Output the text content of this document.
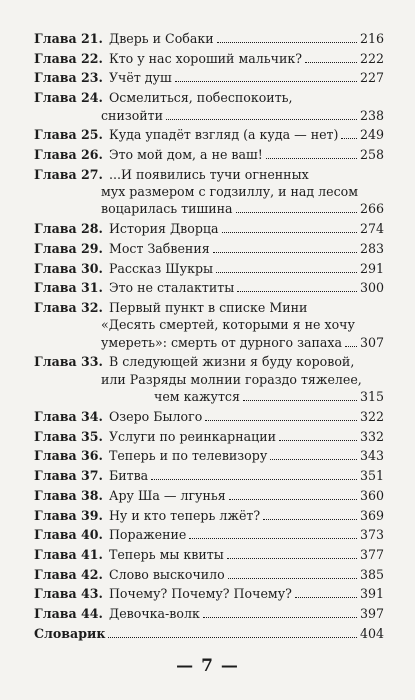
Глава 21. Дверь и Собаки	216
Глава 22. Кто у нас хороший мальчик?	222
Глава 23. Учёт душ	227
Глава 24. Осмелиться, побеспокоить,
снизойти	238
Глава 25. Куда упадёт взгляд (а куда — нет) 249
Глава 26. Это мой дом, а не ваш!	258
Глава 27. ...И появились тучи огненных
мух размером с годзиллу, и над лесом
воцарилась тишина	266
Глава 28. История Дворца	274
Глава 29. Мост Забвения	283
Глава 30. Рассказ Шукры	291
Глава 31. Это не сталактиты	300
Глава 32. Первый пункт в списке Мини
«Десять смертей, которыми я не хочу
умереть»: смерть от дурного запаха 307
Глава 33. В следующей жизни я буду коровой,
или Разряды молнии гораздо тяжелее,
чем кажутся	315
Глава 34. Озеро Былого	322
Глава 35. Услуги по реинкарнации	332
Глава 36. Теперь и по телевизору	343
Глава 37. Битва	351
Глава 38. Ару Ша — лгунья	360
Глава 39. Ну и кто теперь лжёт?	369
Глава 40. Поражение	373
Глава 41. Теперь мы квиты	377
Глава 42. Слово выскочило	385
Глава 43. Почему? Почему? Почему?	391
Глава 44. Девочка-волк	397
Словарик	404
— 7 —
